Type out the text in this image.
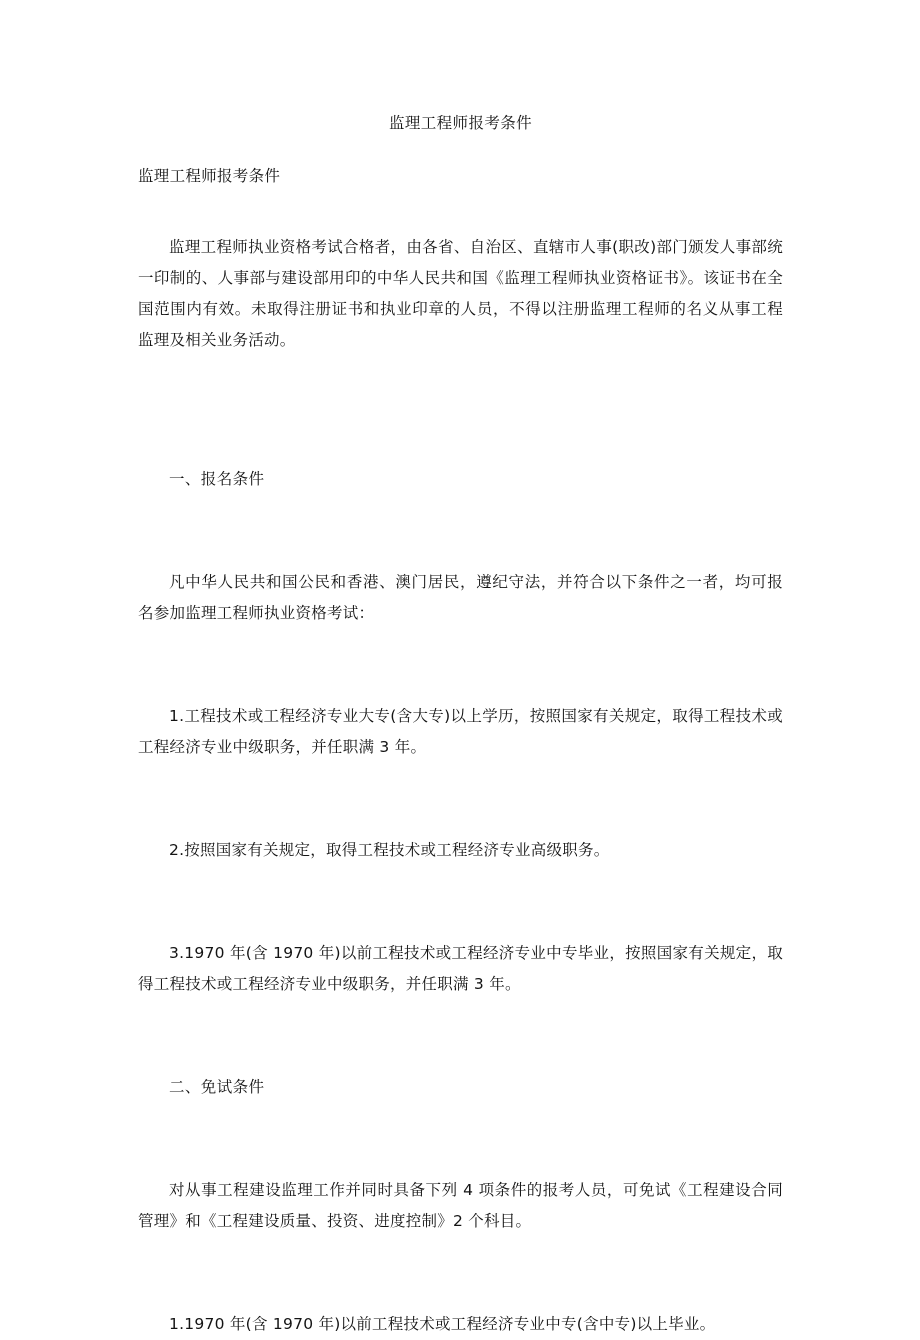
监理工程师报考条件

监理工程师报考条件

监理工程师执业资格考试合格者，由各省、自治区、直辖市人事(职改)部门颁发人事部统一印制的、人事部与建设部用印的中华人民共和国《监理工程师执业资格证书》。该证书在全国范围内有效。未取得注册证书和执业印章的人员，不得以注册监理工程师的名义从事工程监理及相关业务活动。

一、报名条件

凡中华人民共和国公民和香港、澳门居民，遵纪守法，并符合以下条件之一者，均可报名参加监理工程师执业资格考试：

1.工程技术或工程经济专业大专(含大专)以上学历，按照国家有关规定，取得工程技术或工程经济专业中级职务，并任职满 3 年。

2.按照国家有关规定，取得工程技术或工程经济专业高级职务。

3.1970 年(含 1970 年)以前工程技术或工程经济专业中专毕业，按照国家有关规定，取得工程技术或工程经济专业中级职务，并任职满 3 年。

二、免试条件

对从事工程建设监理工作并同时具备下列 4 项条件的报考人员，可免试《工程建设合同管理》和《工程建设质量、投资、进度控制》2 个科目。

1.1970 年(含 1970 年)以前工程技术或工程经济专业中专(含中专)以上毕业。
